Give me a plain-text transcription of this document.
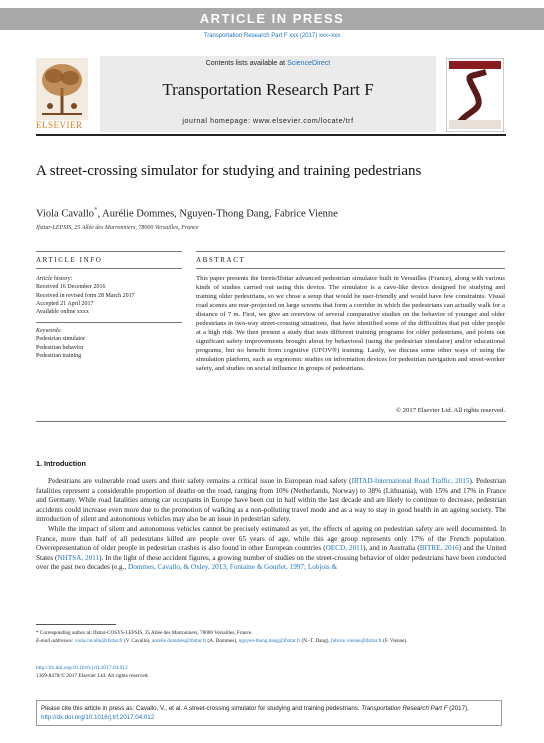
ARTICLE IN PRESS
Transportation Research Part F xxx (2017) xxx–xxx
Contents lists available at ScienceDirect
Transportation Research Part F
journal homepage: www.elsevier.com/locate/trf
ELSEVIER
A street-crossing simulator for studying and training pedestrians
Viola Cavallo*, Aurélie Dommes, Nguyen-Thong Dang, Fabrice Vienne
Ifsttar-LEPSIS, 25 Allée des Marronniers, 78000 Versailles, France
ARTICLE INFO	ABSTRACT
Article history:
Received 16 December 2016
Received in revised form 28 March 2017
Accepted 21 April 2017
Available online xxxx
Keywords:
Pedestrian simulator
Pedestrian behavior
Pedestrian training
This paper presents the Inrets/Ifsttar advanced pedestrian simulator built in Versailles (France), along with various kinds of studies carried out using this device. The simulator is a cave-like device designed for studying and training older pedestrians, so we chose a setup that would be user-friendly and would have few constraints. Visual road scenes are rear-projected on large screens that form a corridor in which the pedestrians can actually walk for a distance of 7 m. First, we give an overview of several comparative studies on the behavior of younger and older pedestrians in two-way street-crossing situations, that have identified some of the difficulties that put older people at a high risk. We then present a study that tests different training programs for older pedestrians, and points out significant safety improvements brought about by behavioral (using the pedestrian simulator) and/or educational programs, but no benefit from cognitive (UFOV®) training. Lastly, we discuss some other ways of using the simulation platform, such as ergonomic studies on information devices for pedestrian navigation and street-worker safety, and studies on social influence in groups of pedestrians.
© 2017 Elsevier Ltd. All rights reserved.
1. Introduction

Pedestrians are vulnerable road users and their safety remains a critical issue in European road safety (IRTAD-International Road Traffic, 2015). Pedestrian fatalities represent a considerable proportion of deaths on the road, ranging from 10% (Netherlands, Norway) to 38% (Lithuania), with 15% and 17% in France and Germany. While road fatalities among car occupants in Europe have been cut in half within the last decade and are likely to continue to decrease, pedestrian accidents could increase even more due to the promotion of walking as a non-polluting travel mode and as a way to stay in good health in an ageing society. The introduction of silent and autonomous vehicles may also be an issue in pedestrian safety.

While the impact of silent and autonomous vehicles cannot be precisely estimated as yet, the effects of ageing on pedestrian safety are well documented. In France, more than half of all pedestrians killed are people over 65 years of age, while this age group represents only 17% of the French population. Overrepresentation of older people in pedestrian crashes is also found in other European countries (OECD, 2011), and in Australia (BITRE, 2016) and the United States (NHTSA, 2011). In the light of these accident figures, a growing number of studies on the street-crossing behavior of older pedestrians have been conducted over the past two decades (e.g., Dommes, Cavallo, & Oxley, 2013; Fontaine & Gourlet, 1997; Lobjois &

* Corresponding author at: Ifsttar-COSYS-LEPSIS, 25 Allée des Marronniers, 78000 Versailles, France.
E-mail addresses: viola.cavallo@ifsttar.fr (V. Cavallo), aurelie.dommes@ifsttar.fr (A. Dommes), nguyen-thong.dang@ifsttar.fr (N.-T. Dang), fabrice.vienne@ifsttar.fr (F. Vienne).
http://dx.doi.org/10.1016/j.trf.2017.04.012
1369-8478/© 2017 Elsevier Ltd. All rights reserved.
Please cite this article in press as: Cavallo, V., et al. A street-crossing simulator for studying and training pedestrians. Transportation Research Part F (2017), http://dx.doi.org/10.1016/j.trf.2017.04.012
